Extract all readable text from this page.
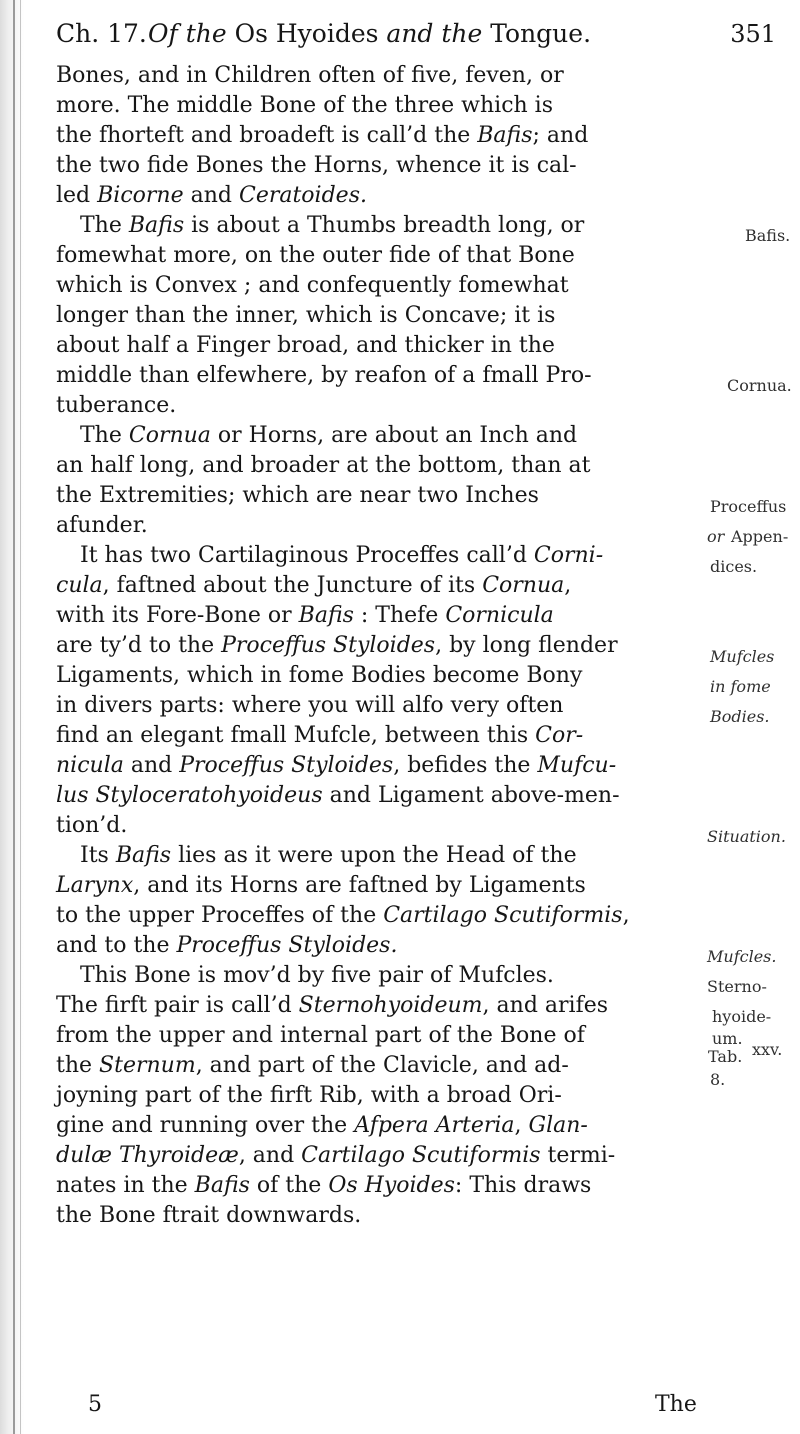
Ch. 17. Of the Os Hyoides and the Tongue.	351
Bones, and in Children often of five, feven, or
more. The middle Bone of the three which is
the fhorteft and broadeft is call’d the Bafis; and
the two fide Bones the Horns, whence it is cal-
led Bicorne and Ceratoides.
The Bafis is about a Thumbs breadth long, or
fomewhat more, on the outer fide of that Bone
which is Convex ; and confequently fomewhat
longer than the inner, which is Concave; it is
about half a Finger broad, and thicker in the
middle than elfewhere, by reafon of a fmall Pro-
tuberance.
The Cornua or Horns, are about an Inch and
an half long, and broader at the bottom, than at
the Extremities; which are near two Inches
afunder.
It has two Cartilaginous Proceffes call’d Corni-
cula, faftned about the Juncture of its Cornua,
with its Fore-Bone or Bafis : Thefe Cornicula
are ty’d to the Proceffus Styloides, by long flender
Ligaments, which in fome Bodies become Bony
in divers parts: where you will alfo very often
find an elegant fmall Mufcle, between this Cor-
nicula and Proceffus Styloides, befides the Mufcu-
lus Styloceratohyoideus and Ligament above-men-
tion’d.
Its Bafis lies as it were upon the Head of the
Larynx, and its Horns are faftned by Ligaments
to the upper Proceffes of the Cartilago Scutiformis,
and to the Proceffus Styloides.
This Bone is mov’d by five pair of Mufcles.
The firft pair is call’d Sternohyoideum, and arifes
from the upper and internal part of the Bone of
the Sternum, and part of the Clavicle, and ad-
joyning part of the firft Rib, with a broad Ori-
gine and running over the Afpera Arteria, Glan-
dulæ Thyroideæ, and Cartilago Scutiformis termi-
nates in the Bafis of the Os Hyoides: This draws
the Bone ftrait downwards.
Bafis.
Cornua.
Proceffus
or Appen-
dices.
Mufcles
in fome
Bodies.
Situation.
Mufcles.
Sterno-
hyoide-
um.
Tab. xxv.
8.
5	The
